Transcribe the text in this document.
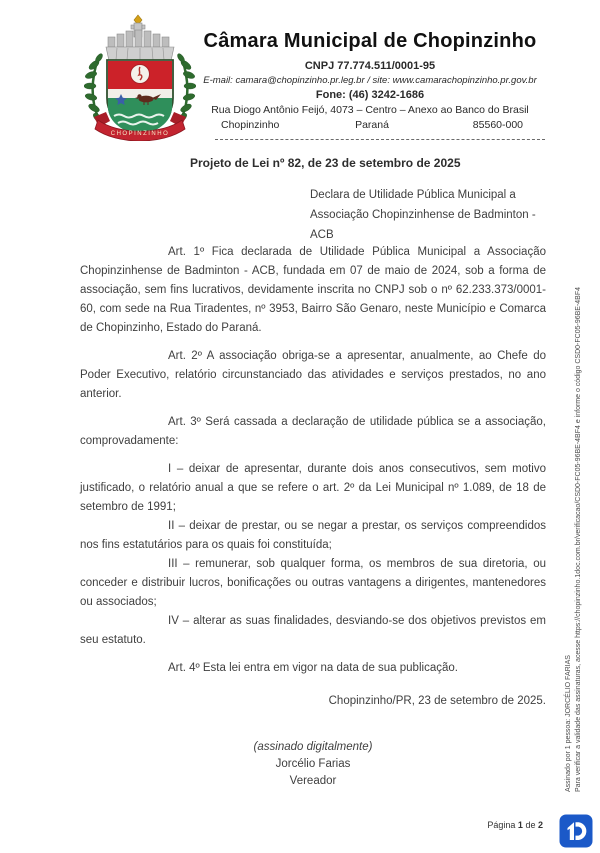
CHOPINZINHO
Câmara Municipal de Chopinzinho
CNPJ 77.774.511/0001-95
E-mail: camara@chopinzinho.pr.leg.br / site: www.camarachopinzinho.pr.gov.br
Fone: (46) 3242-1686
Rua Diogo Antônio Feijó, 4073 – Centro – Anexo ao Banco do Brasil
Chopinzinho	Paraná	85560-000
Projeto de Lei nº 82, de 23 de setembro de 2025
Declara de Utilidade Pública Municipal a
Associação Chopinzinhense de Badminton - ACB

Art. 1º Fica declarada de Utilidade Pública Municipal a Associação Chopinzinhense de Badminton - ACB, fundada em 07 de maio de 2024, sob a forma de associação, sem fins lucrativos, devidamente inscrita no CNPJ sob o nº 62.233.373/0001-60, com sede na Rua Tiradentes, nº 3953, Bairro São Genaro, neste Município e Comarca de Chopinzinho, Estado do Paraná.

Art. 2º A associação obriga-se a apresentar, anualmente, ao Chefe do Poder Executivo, relatório circunstanciado das atividades e serviços prestados, no ano anterior.

Art. 3º Será cassada a declaração de utilidade pública se a associação, comprovadamente:

I – deixar de apresentar, durante dois anos consecutivos, sem motivo justificado, o relatório anual a que se refere o art. 2º da Lei Municipal nº 1.089, de 18 de setembro de 1991;

II – deixar de prestar, ou se negar a prestar, os serviços compreendidos nos fins estatutários para os quais foi constituída;

III – remunerar, sob qualquer forma, os membros de sua diretoria, ou conceder e distribuir lucros, bonificações ou outras vantagens a dirigentes, mantenedores ou associados;

IV – alterar as suas finalidades, desviando-se dos objetivos previstos em seu estatuto.

Art. 4º Esta lei entra em vigor na data de sua publicação.

Chopinzinho/PR, 23 de setembro de 2025.
(assinado digitalmente)
Jorcélio Farias
Vereador
Página 1 de 2
Assinado por 1 pessoa: JORCÉLIO FARIAS Para verificar a validade das assinaturas, acesse https://chopinzinho.1doc.com.br/verificacao/CSD0-FC05-96BE-4BF4 e informe o código CSD0-FC05-96BE-4BF4
